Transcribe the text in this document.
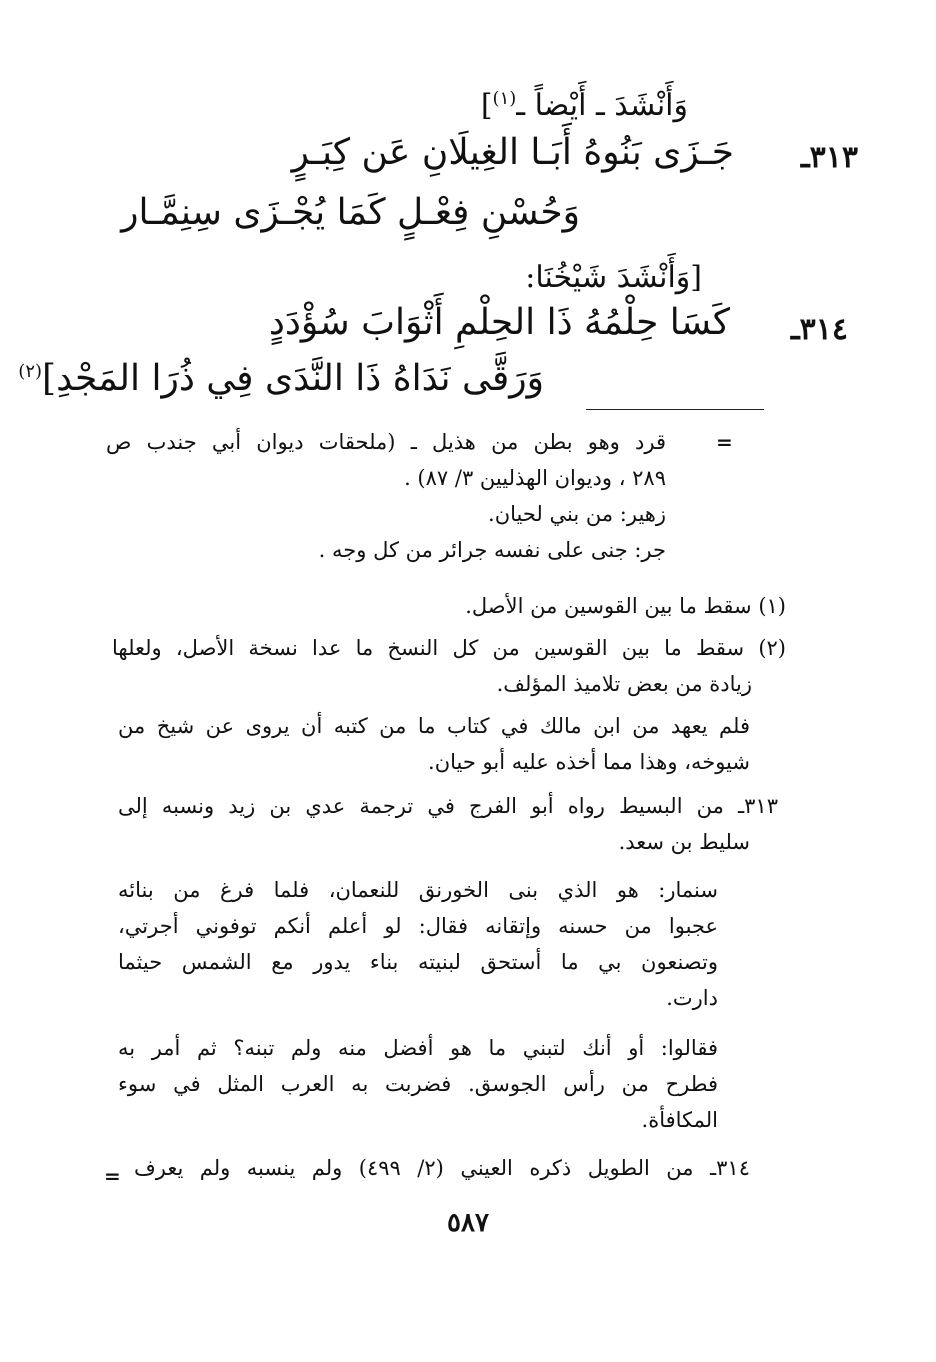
وَأَنْشَدَ ـ أَيْضاً ـ$^{(١)}$]
٣١٣ـ
جَـزَى بَنُوهُ أَبَـا الغِيلَانِ عَن كِبَـرٍ
وَحُسْنِ فِعْـلٍ كَمَا يُجْـزَى سِنِمَّـار
[وَأَنْشَدَ شَيْخُنَا:
٣١٤ـ
كَسَا حِلْمُهُ ذَا الحِلْمِ أَثْوَابَ سُؤْدَدٍ
وَرَقَّى نَدَاهُ ذَا النَّدَى فِي ذُرَا المَجْدِ]$^{(٢)}$
=

قرد وهو بطن من هذيل ـ (ملحقات ديوان أبي جندب ص

٢٨٩ ، وديوان الهذليين ٣/ ٨٧) .

زهير: من بني لحيان.

جر: جنى على نفسه جرائر من كل وجه .

(١) سقط ما بين القوسين من الأصل.

(٢) سقط ما بين القوسين من كل النسخ ما عدا نسخة الأصل، ولعلها

زيادة من بعض تلاميذ المؤلف.

فلم يعهد من ابن مالك في كتاب ما من كتبه أن يروى عن شيخ من

شيوخه، وهذا مما أخذه عليه أبو حيان.

٣١٣ـ من البسيط رواه أبو الفرج في ترجمة عدي بن زيد ونسبه إلى

سليط بن سعد.

سنمار: هو الذي بنى الخورنق للنعمان، فلما فرغ من بنائه

عجبوا من حسنه وإتقانه فقال: لو أعلم أنكم توفوني أجرتي،

وتصنعون بي ما أستحق لبنيته بناء يدور مع الشمس حيثما

دارت.

فقالوا: أو أنك لتبني ما هو أفضل منه ولم تبنه؟ ثم أمر به

فطرح من رأس الجوسق. فضربت به العرب المثل في سوء

المكافأة.

٣١٤ـ من الطويل ذكره العيني (٢/ ٤٩٩) ولم ينسبه ولم يعرف

=
٥٨٧
